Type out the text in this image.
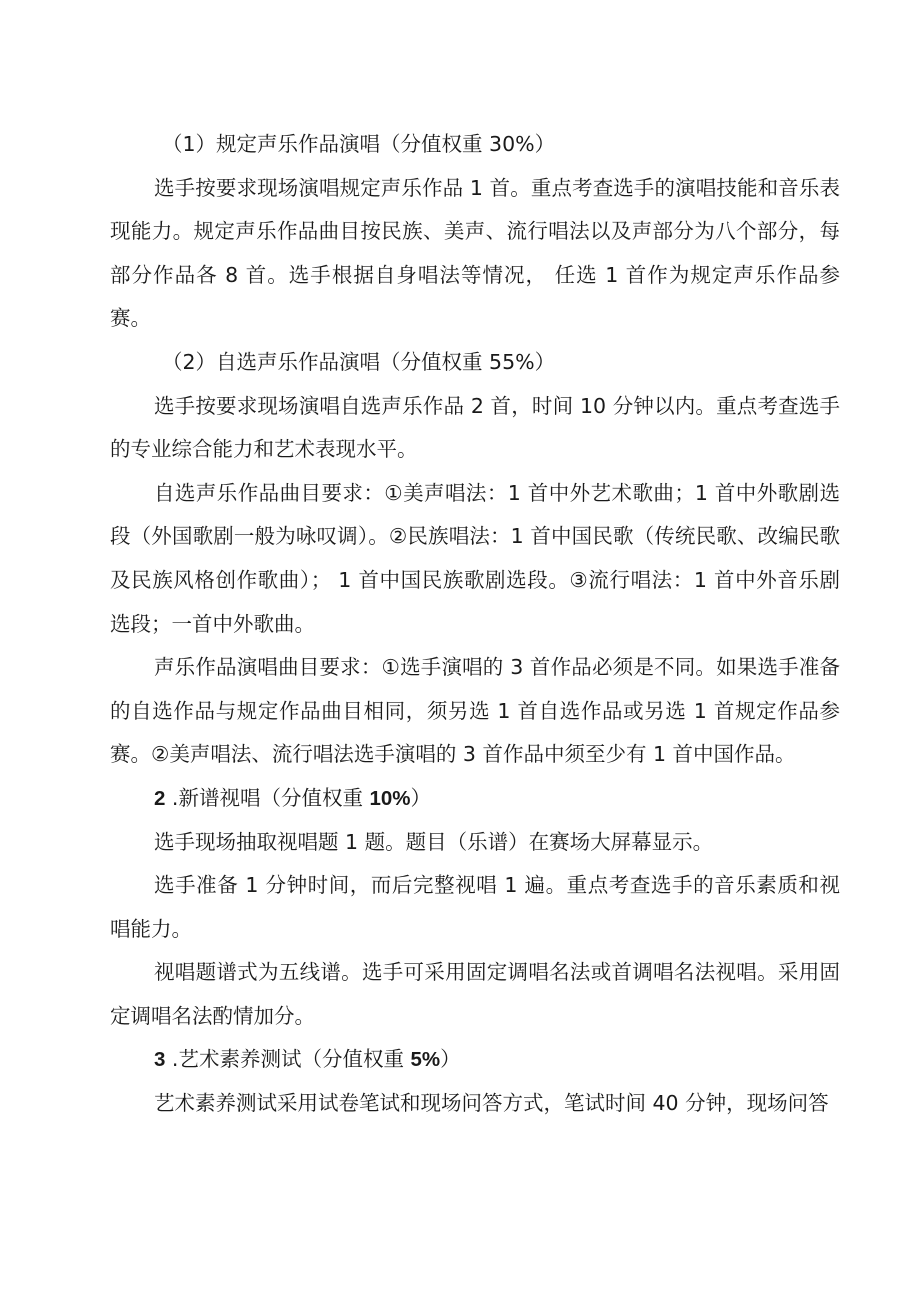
（1）规定声乐作品演唱（分值权重 30%）

选手按要求现场演唱规定声乐作品 1 首。重点考查选手的演唱技能和音乐表现能力。规定声乐作品曲目按民族、美声、流行唱法以及声部分为八个部分，每部分作品各 8 首。选手根据自身唱法等情况， 任选 1 首作为规定声乐作品参赛。

（2）自选声乐作品演唱（分值权重 55%）

选手按要求现场演唱自选声乐作品 2 首，时间 10 分钟以内。重点考查选手的专业综合能力和艺术表现水平。

自选声乐作品曲目要求：①美声唱法：1 首中外艺术歌曲；1 首中外歌剧选段（外国歌剧一般为咏叹调）。②民族唱法：1 首中国民歌（传统民歌、改编民歌及民族风格创作歌曲）； 1 首中国民族歌剧选段。③流行唱法：1 首中外音乐剧选段；一首中外歌曲。

声乐作品演唱曲目要求：①选手演唱的 3 首作品必须是不同。如果选手准备的自选作品与规定作品曲目相同，须另选 1 首自选作品或另选 1 首规定作品参赛。②美声唱法、流行唱法选手演唱的 3 首作品中须至少有 1 首中国作品。

2 .新谱视唱（分值权重 10%）

选手现场抽取视唱题 1 题。题目（乐谱）在赛场大屏幕显示。

选手准备 1 分钟时间，而后完整视唱 1 遍。重点考查选手的音乐素质和视唱能力。

视唱题谱式为五线谱。选手可采用固定调唱名法或首调唱名法视唱。采用固定调唱名法酌情加分。

3 .艺术素养测试（分值权重 5%）

艺术素养测试采用试卷笔试和现场问答方式，笔试时间 40 分钟，现场问答
